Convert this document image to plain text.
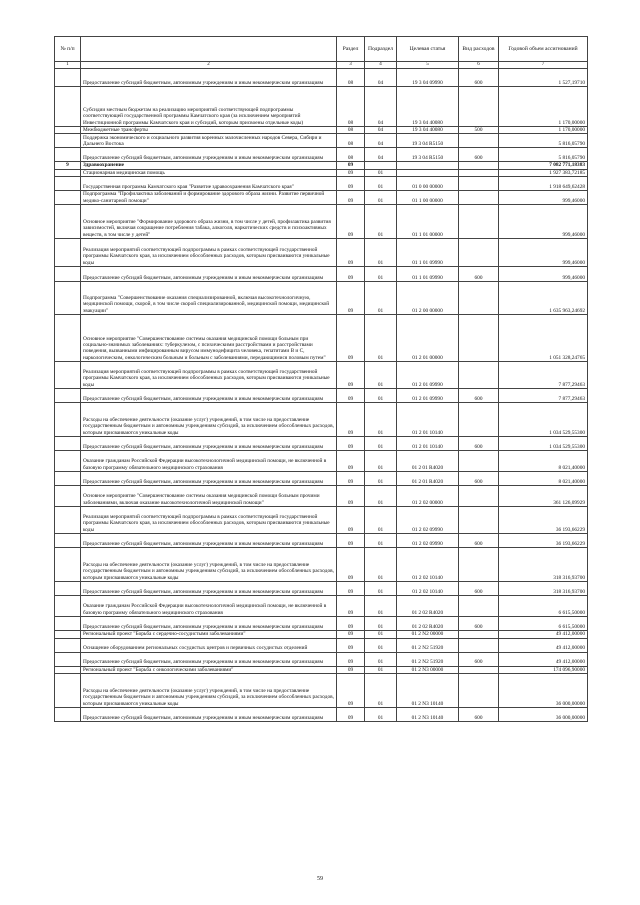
№ п/п		Раздел	Подраздел	Целевая статья	Вид расходов	Годовой объем ассигнований
1	2	3	4	5	6	7
	Предоставление субсидий бюджетным, автономным учреждениям и иным некоммерческим организациям	08	04	19 3 04 09990	600	1 527,19710
	Субсидии местным бюджетам на реализацию мероприятий соответствующей подпрограммы соответствующей государственной программы Камчатского края (за исключением мероприятий Инвестиционной программы Камчатского края и субсидий, которым присвоены отдельные коды)	08	04	19 3 04 40080		1 170,00000
	Межбюджетные трансферты	08	04	19 3 04 40080	500	1 170,00000
	Поддержка экономического и социального развития коренных малочисленных народов Севера, Сибири и Дальнего Востока	08	04	19 3 04 R5150		5 816,05790
	Предоставление субсидий бюджетным, автономным учреждениям и иным некоммерческим организациям	08	04	19 3 04 R5150	600	5 816,05790
9	Здравоохранение	09				7 082 771,18383
	Стационарная медицинская помощь	09	01			1 927 383,72185
	Государственная программа Камчатского края "Развитие здравоохранения Камчатского края"	09	01	01 0 00 00000		1 918 649,62428
	Подпрограмма "Профилактика заболеваний и формирование здорового образа жизни. Развитие первичной медико-санитарной помощи"	09	01	01 1 00 00000		999,46000
	Основное мероприятие "Формирование здорового образа жизни, в том числе у детей, профилактика развития зависимостей, включая сокращение потребления табака, алкоголя, наркотических средств и психоактивных веществ, в том числе у детей"	09	01	01 1 01 00000		999,46000
	Реализация мероприятий соответствующей подпрограммы в рамках соответствующей государственной программы Камчатского края, за исключением обособленных расходов, которым присваиваются уникальные коды	09	01	01 1 01 09990		999,46000
	Предоставление субсидий бюджетным, автономным учреждениям и иным некоммерческим организациям	09	01	01 1 01 09990	600	999,46000
	Подпрограмма "Совершенствование оказания специализированной, включая высокотехнологичную, медицинской помощи, скорой, в том числе скорой специализированной, медицинской помощи, медицинской эвакуации"	09	01	01 2 00 00000		1 635 963,24692
	Основное мероприятие "Совершенствование системы оказания медицинской помощи больным при социально-значимых заболеваниях: туберкулезом, с психическими расстройствами и расстройствами поведения, вызванными инфицированным вирусом иммунодефицита человека, гепатитами В и С, наркологическим, онкологическим больным и больным с заболеваниями, передающимися половым путем"	09	01	01 2 01 00000		1 051 328,24765
	Реализация мероприятий соответствующей подпрограммы в рамках соответствующей государственной программы Камчатского края, за исключением обособленных расходов, которым присваиваются уникальные коды	09	01	01 2 01 09990		7 877,29463
	Предоставление субсидий бюджетным, автономным учреждениям и иным некоммерческим организациям	09	01	01 2 01 09990	600	7 877,29463
	Расходы на обеспечение деятельности (оказание услуг) учреждений, в том числе на предоставление государственным бюджетным и автономным учреждениям субсидий, за исключением обособленных расходов, которым присваиваются уникальные коды	09	01	01 2 01 10140		1 034 529,55300
	Предоставление субсидий бюджетным, автономным учреждениям и иным некоммерческим организациям	09	01	01 2 01 10140	600	1 034 529,55300
	Оказание гражданам Российской Федерации высокотехнологичной медицинской помощи, не включенной в базовую программу обязательного медицинского страхования	09	01	01 2 01 R4020		8 021,40000
	Предоставление субсидий бюджетным, автономным учреждениям и иным некоммерческим организациям	09	01	01 2 01 R4020	600	8 021,40000
	Основное мероприятие "Совершенствование системы оказания медицинской помощи больным прочими заболеваниями, включая оказание высокотехнологичной медицинской помощи"	09	01	01 2 02 00000		361 126,09929
	Реализация мероприятий соответствующей подпрограммы в рамках соответствующей государственной программы Камчатского края, за исключением обособленных расходов, которым присваиваются уникальные коды	09	01	01 2 02 09990		36 193,66229
	Предоставление субсидий бюджетным, автономным учреждениям и иным некоммерческим организациям	09	01	01 2 02 09990	600	36 193,66229
	Расходы на обеспечение деятельности (оказание услуг) учреждений, в том числе на предоставление государственным бюджетным и автономным учреждениям субсидий, за исключением обособленных расходов, которым присваиваются уникальные коды	09	01	01 2 02 10140		318 316,93700
	Предоставление субсидий бюджетным, автономным учреждениям и иным некоммерческим организациям	09	01	01 2 02 10140	600	318 316,93700
	Оказание гражданам Российской Федерации высокотехнологичной медицинской помощи, не включенной в базовую программу обязательного медицинского страхования	09	01	01 2 02 R4020		6 615,50000
	Предоставление субсидий бюджетным, автономным учреждениям и иным некоммерческим организациям	09	01	01 2 02 R4020	600	6 615,50000
	Региональный проект "Борьба с сердечно-сосудистыми заболеваниями"	09	01	01 2 N2 00000		49 412,00000
	Оснащение оборудованием региональных сосудистых центров и первичных сосудистых отделений	09	01	01 2 N2 51920		49 412,00000
	Предоставление субсидий бюджетным, автономным учреждениям и иным некоммерческим организациям	09	01	01 2 N2 51920	600	49 412,00000
	Региональный проект "Борьба с онкологическими заболеваниями"	09	01	01 2 N3 00000		174 096,90000
	Расходы на обеспечение деятельности (оказание услуг) учреждений, в том числе на предоставление государственным бюджетным и автономным учреждениям субсидий, за исключением обособленных расходов, которым присваиваются уникальные коды	09	01	01 2 N3 10140		36 000,00000
	Предоставление субсидий бюджетным, автономным учреждениям и иным некоммерческим организациям	09	01	01 2 N3 10140	600	36 000,00000
59
